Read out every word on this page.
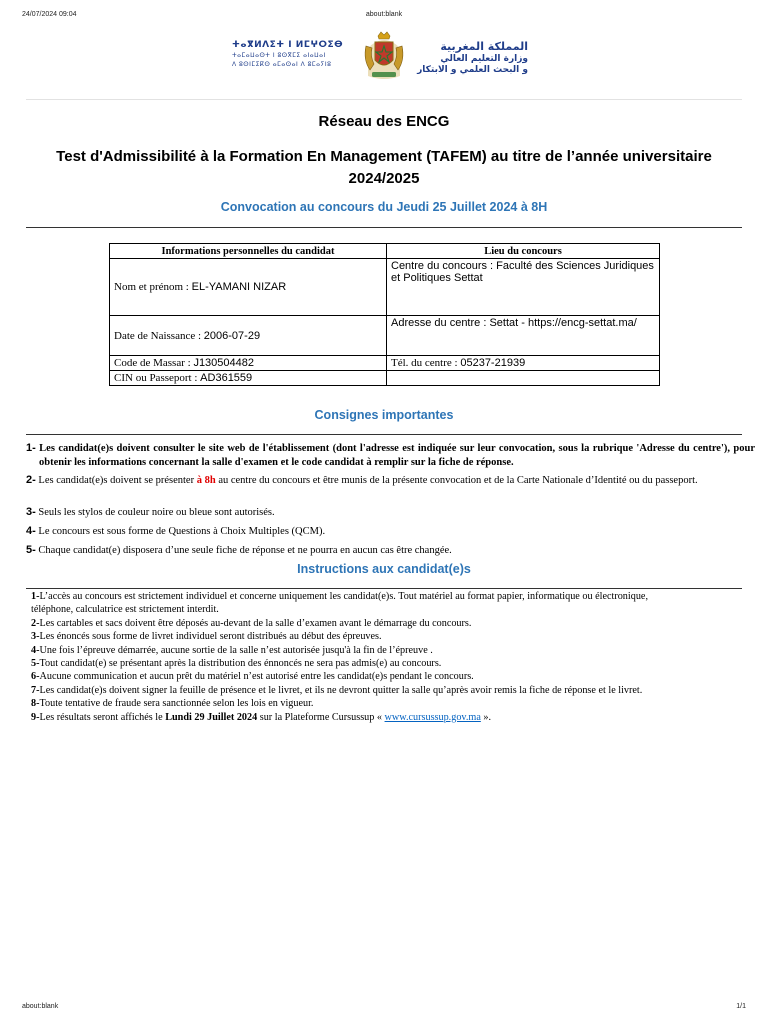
24/07/2024 09:04	about:blank
ⵜⴰⴳⵍⴷⵉⵜ ⵏ ⵍⵎⵖⵔⵉⴱ
ⵜⴰⵎⴰⵡⴰⵙⵜ ⵏ ⵓⵙⴳⵎⵉ ⴰⵏⴰⵡⴰⵏ
ⴷ ⵓⵙⵏⵎⵉⴽⵙ ⴰⵎⴰⵙⴰⵏ ⴷ ⵓⵎⴰⵢⵏⵓ
المملكة المغربية
وزارة التعليم العالي
و البحث العلمي و الابتكار
Réseau des ENCG
Test d'Admissibilité à la Formation En Management (TAFEM) au titre de l’année universitaire 2024/2025
Convocation au concours du Jeudi 25 Juillet 2024 à 8H
Informations personnelles du candidat	Lieu du concours
Nom et prénom : EL-YAMANI NIZAR	Centre du concours : Faculté des Sciences Juridiques et Politiques Settat
Date de Naissance : 2006-07-29	Adresse du centre : Settat - https://encg-settat.ma/
Code de Massar : J130504482	Tél. du centre : 05237-21939
CIN ou Passeport : AD361559	
Consignes importantes
1- Les candidat(e)s doivent consulter le site web de l'établissement (dont l'adresse est indiquée sur leur convocation, sous la rubrique 'Adresse du centre'), pour obtenir les informations concernant la salle d'examen et le code candidat à remplir sur la fiche de réponse.
2- Les candidat(e)s doivent se présenter à 8h au centre du concours et être munis de la présente convocation et de la Carte Nationale d’Identité ou du passeport.
3- Seuls les stylos de couleur noire ou bleue sont autorisés.
4- Le concours est sous forme de Questions à Choix Multiples (QCM).
5- Chaque candidat(e) disposera d’une seule fiche de réponse et ne pourra en aucun cas être changée.
Instructions aux candidat(e)s
1-L’accès au concours est strictement individuel et concerne uniquement les candidat(e)s. Tout matériel au format papier, informatique ou électronique,
téléphone, calculatrice est strictement interdit.
2-Les cartables et sacs doivent être déposés au-devant de la salle d’examen avant le démarrage du concours.
3-Les énoncés sous forme de livret individuel seront distribués au début des épreuves.
4-Une fois l’épreuve démarrée, aucune sortie de la salle n’est autorisée jusqu'à la fin de l’épreuve .
5-Tout candidat(e) se présentant après la distribution des énnoncés ne sera pas admis(e) au concours.
6-Aucune communication et aucun prêt du matériel n’est autorisé entre les candidat(e)s pendant le concours.
7-Les candidat(e)s doivent signer la feuille de présence et le livret, et ils ne devront quitter la salle qu’après avoir remis la fiche de réponse et le livret.
8-Toute tentative de fraude sera sanctionnée selon les lois en vigueur.
9-Les résultats seront affichés le Lundi 29 Juillet 2024 sur la Plateforme Cursussup « www.cursussup.gov.ma ».
about:blank	1/1
